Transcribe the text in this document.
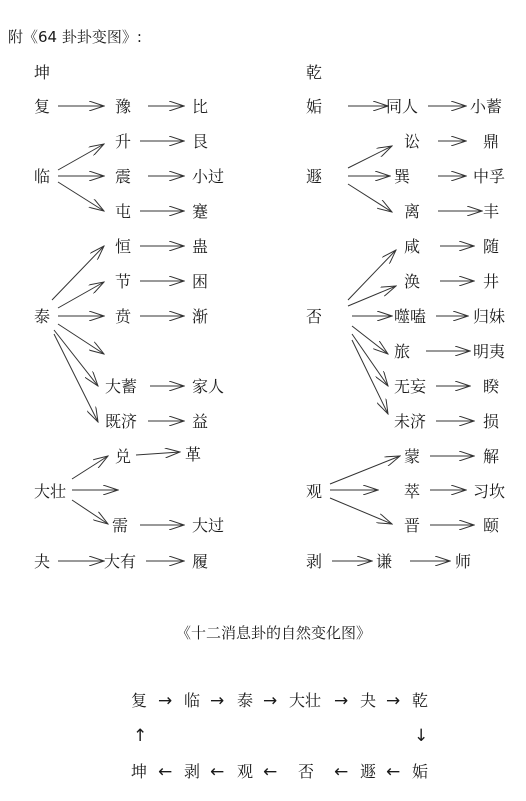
附《64 卦卦变图》:
坤
复	豫	比
升	艮
临	震	小过
屯	蹇
恒	蛊
节	困
泰	贲	渐
大蓄	家人
既济	益
兑	革
大壮
需	大过
夬	大有	履
乾
姤	同人	小蓄
讼	鼎
遯	巽	中孚
离	丰
咸	随
涣	井
否	噬嗑	归妹
旅	明夷
无妄	睽
未济	损
蒙	解
观	萃	习坎
晋	颐
剥	谦	师
《十二消息卦的自然变化图》
复 → 临 → 泰 → 大壮 → 夬 → 乾
↑	↓
坤 ← 剥 ← 观 ← 否 ← 遯 ← 姤
